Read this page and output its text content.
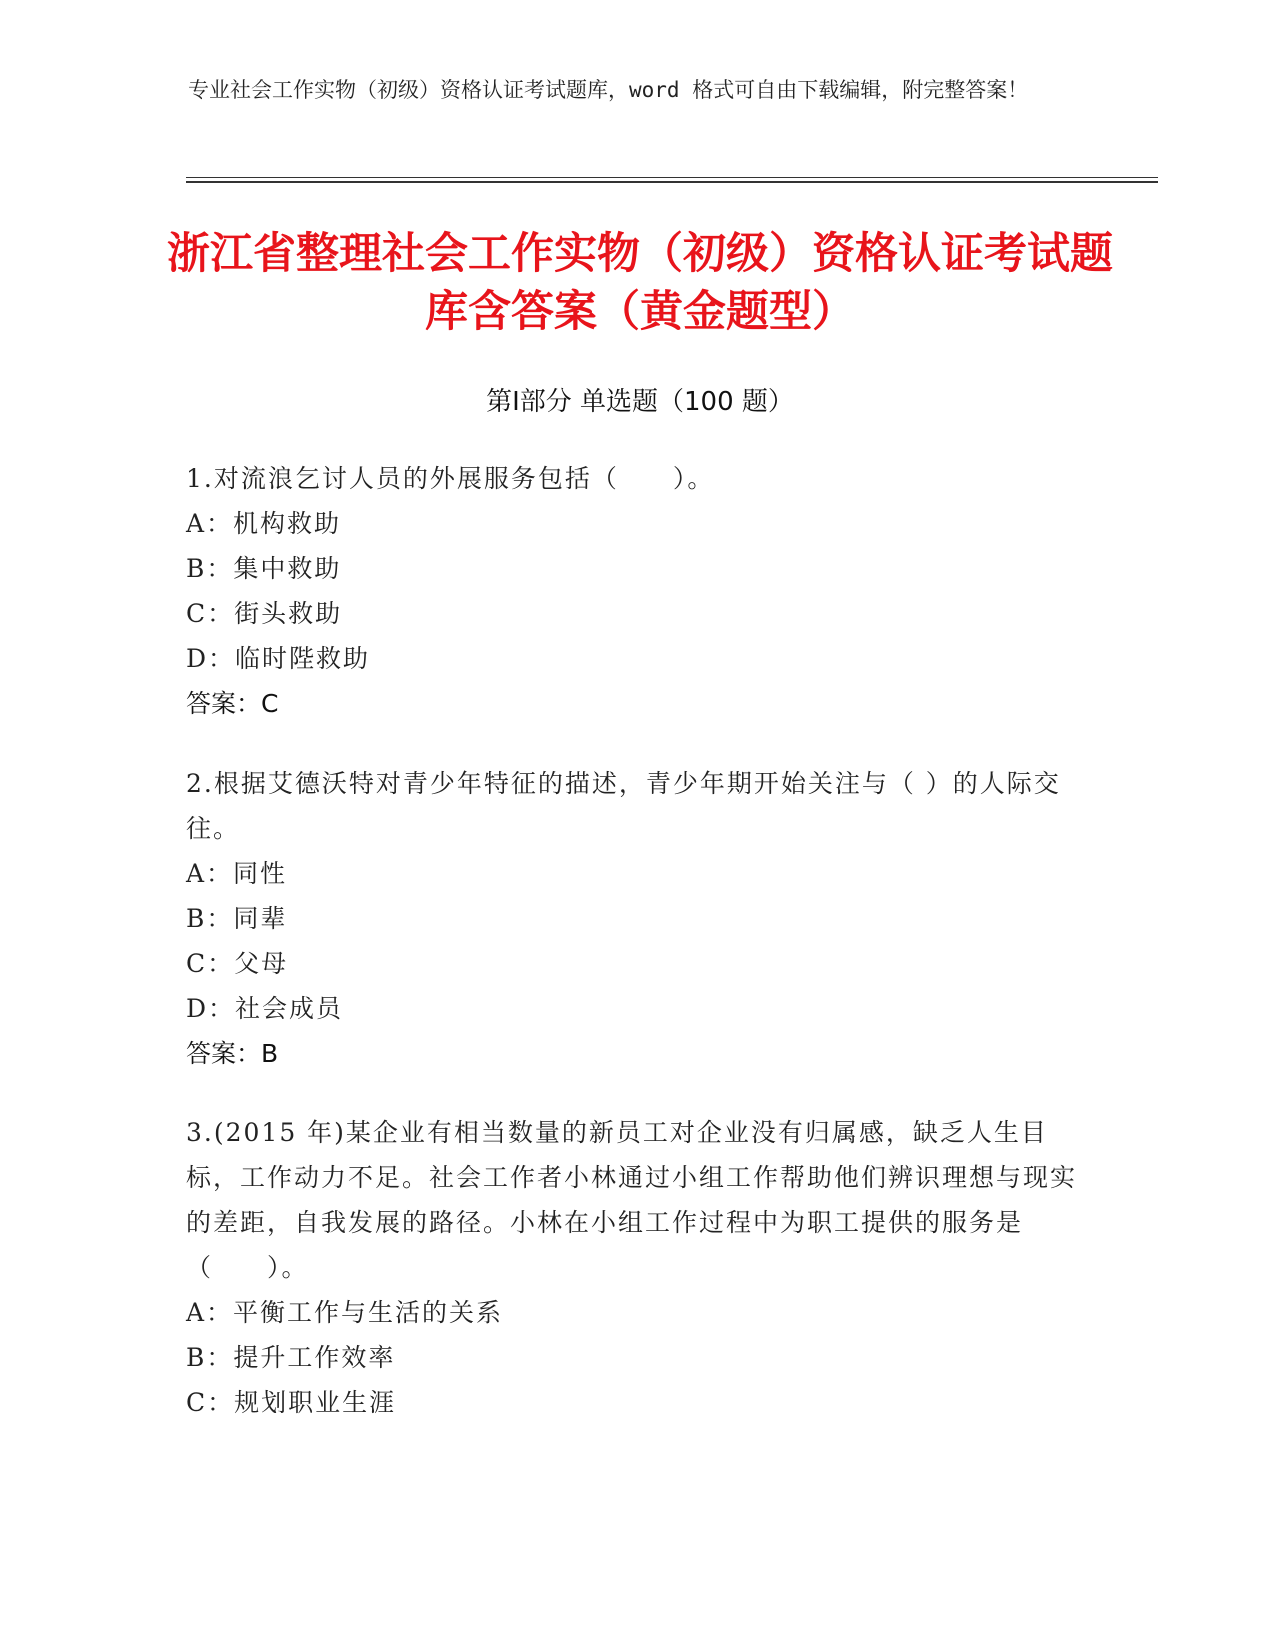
专业社会工作实物（初级）资格认证考试题库，word 格式可自由下载编辑，附完整答案！
浙江省整理社会工作实物（初级）资格认证考试题库含答案（黄金题型）
第Ⅰ部分 单选题（100 题）

1.对流浪乞讨人员的外展服务包括（　　）。

A：机构救助

B：集中救助

C：街头救助

D：临时陛救助

答案：C

2.根据艾德沃特对青少年特征的描述，青少年期开始关注与（ ）的人际交往。

A：同性

B：同辈

C：父母

D：社会成员

答案：B

3.(2015 年)某企业有相当数量的新员工对企业没有归属感，缺乏人生目标，工作动力不足。社会工作者小林通过小组工作帮助他们辨识理想与现实的差距，自我发展的路径。小林在小组工作过程中为职工提供的服务是（　　）。

A：平衡工作与生活的关系

B：提升工作效率

C：规划职业生涯
